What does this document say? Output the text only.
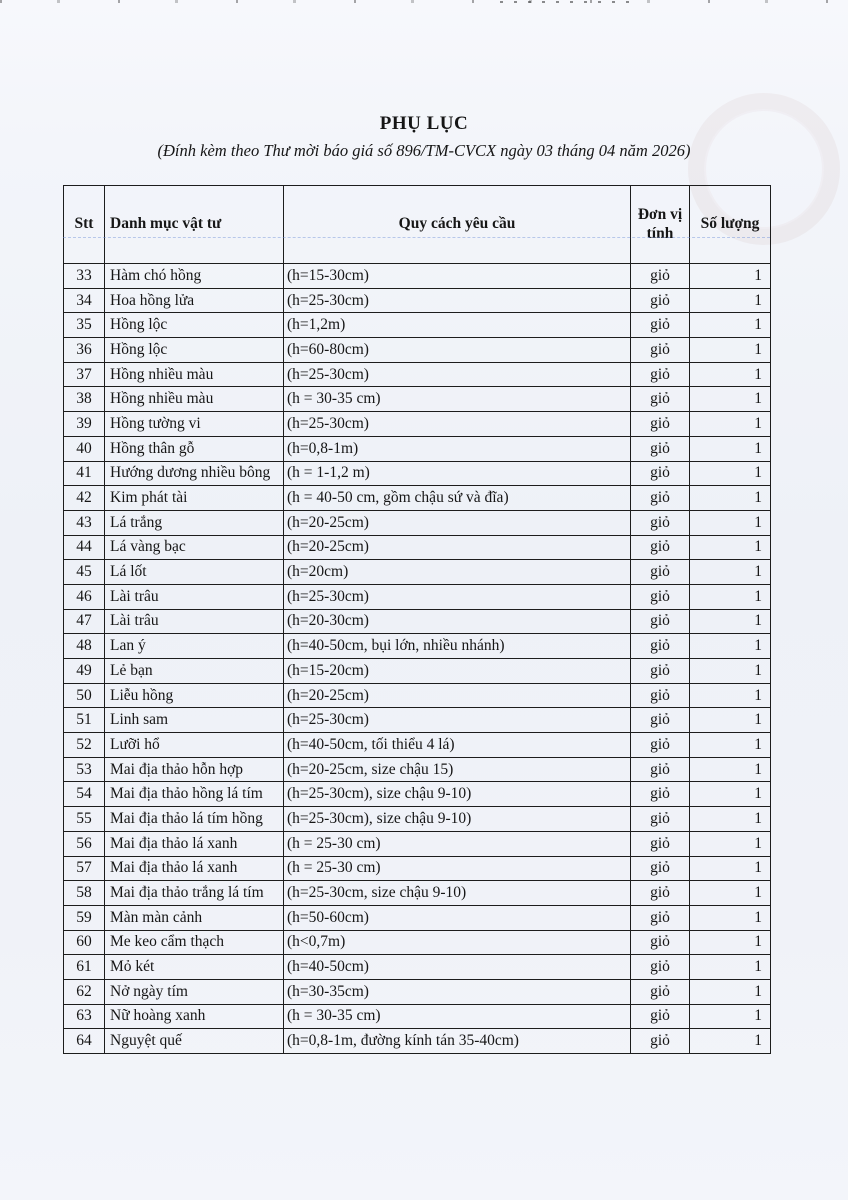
PHỤ LỤC
(Đính kèm theo Thư mời báo giá số 896/TM-CVCX ngày 03 tháng 04 năm 2026)
Stt	Danh mục vật tư	Quy cách yêu cầu	Đơn vị tính	Số lượng
33	Hàm chó hồng	(h=15-30cm)	giỏ	1
34	Hoa hồng lửa	(h=25-30cm)	giỏ	1
35	Hồng lộc	(h=1,2m)	giỏ	1
36	Hồng lộc	(h=60-80cm)	giỏ	1
37	Hồng nhiều màu	(h=25-30cm)	giỏ	1
38	Hồng nhiều màu	(h = 30-35 cm)	giỏ	1
39	Hồng tường vi	(h=25-30cm)	giỏ	1
40	Hồng thân gỗ	(h=0,8-1m)	giỏ	1
41	Hướng dương nhiều bông	(h = 1-1,2 m)	giỏ	1
42	Kim phát tài	(h = 40-50 cm, gồm chậu sứ và đĩa)	giỏ	1
43	Lá trắng	(h=20-25cm)	giỏ	1
44	Lá vàng bạc	(h=20-25cm)	giỏ	1
45	Lá lốt	(h=20cm)	giỏ	1
46	Lài trâu	(h=25-30cm)	giỏ	1
47	Lài trâu	(h=20-30cm)	giỏ	1
48	Lan ý	(h=40-50cm, bụi lớn, nhiều nhánh)	giỏ	1
49	Lẻ bạn	(h=15-20cm)	giỏ	1
50	Liễu hồng	(h=20-25cm)	giỏ	1
51	Linh sam	(h=25-30cm)	giỏ	1
52	Lưỡi hổ	(h=40-50cm, tối thiểu 4 lá)	giỏ	1
53	Mai địa thảo hỗn hợp	(h=20-25cm, size chậu 15)	giỏ	1
54	Mai địa thảo hồng lá tím	(h=25-30cm), size chậu 9-10)	giỏ	1
55	Mai địa thảo lá tím hồng	(h=25-30cm), size chậu 9-10)	giỏ	1
56	Mai địa thảo lá xanh	(h = 25-30 cm)	giỏ	1
57	Mai địa thảo lá xanh	(h = 25-30 cm)	giỏ	1
58	Mai địa thảo trắng lá tím	(h=25-30cm, size chậu 9-10)	giỏ	1
59	Màn màn cảnh	(h=50-60cm)	giỏ	1
60	Me keo cẩm thạch	(h<0,7m)	giỏ	1
61	Mỏ két	(h=40-50cm)	giỏ	1
62	Nở ngày tím	(h=30-35cm)	giỏ	1
63	Nữ hoàng xanh	(h = 30-35 cm)	giỏ	1
64	Nguyệt quế	(h=0,8-1m, đường kính tán 35-40cm)	giỏ	1
